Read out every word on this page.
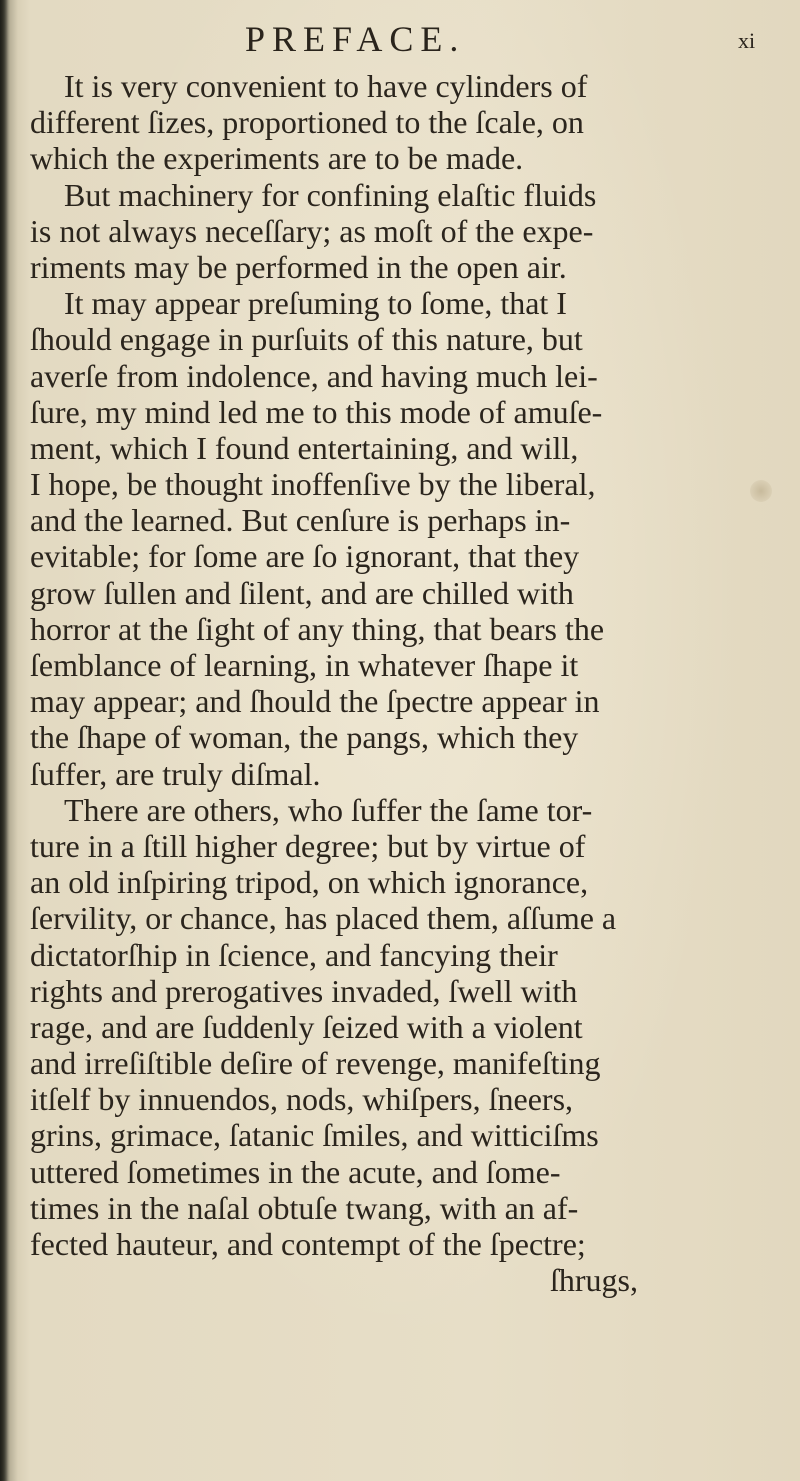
PREFACE.	xi
It is very convenient to have cylinders of
different ſizes, proportioned to the ſcale, on
which the experiments are to be made.
But machinery for confining elaſtic fluids
is not always neceſſary; as moſt of the expe-
riments may be performed in the open air.
It may appear preſuming to ſome, that I
ſhould engage in purſuits of this nature, but
averſe from indolence, and having much lei-
ſure, my mind led me to this mode of amuſe-
ment, which I found entertaining, and will,
I hope, be thought inoffenſive by the liberal,
and the learned. But cenſure is perhaps in-
evitable; for ſome are ſo ignorant, that they
grow ſullen and ſilent, and are chilled with
horror at the ſight of any thing, that bears the
ſemblance of learning, in whatever ſhape it
may appear; and ſhould the ſpectre appear in
the ſhape of woman, the pangs, which they
ſuffer, are truly diſmal.
There are others, who ſuffer the ſame tor-
ture in a ſtill higher degree; but by virtue of
an old inſpiring tripod, on which ignorance,
ſervility, or chance, has placed them, aſſume a
dictatorſhip in ſcience, and fancying their
rights and prerogatives invaded, ſwell with
rage, and are ſuddenly ſeized with a violent
and irreſiſtible deſire of revenge, manifeſting
itſelf by innuendos, nods, whiſpers, ſneers,
grins, grimace, ſatanic ſmiles, and witticiſms
uttered ſometimes in the acute, and ſome-
times in the naſal obtuſe twang, with an af-
fected hauteur, and contempt of the ſpectre;
ſhrugs,
